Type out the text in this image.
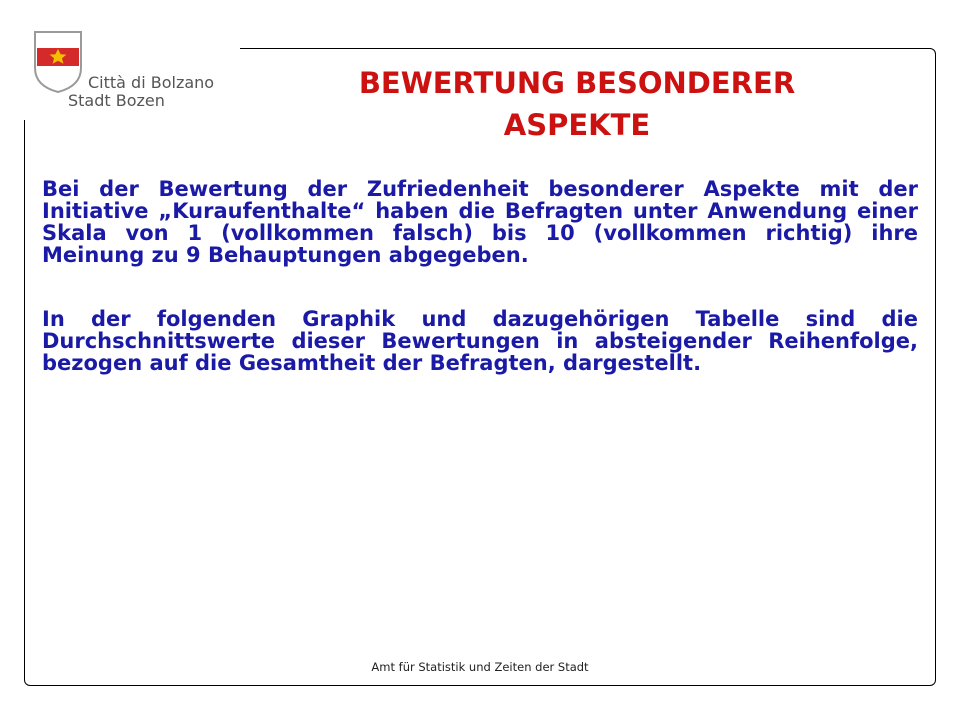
Città di Bolzano
Stadt Bozen
BEWERTUNG BESONDERER
ASPEKTE

Bei der Bewertung der Zufriedenheit besonderer Aspekte mit der Initiative „Kuraufenthalte“ haben die Befragten unter Anwendung einer Skala von 1 (vollkommen falsch) bis 10 (vollkommen richtig) ihre Meinung zu 9 Behauptungen abgegeben.

In der folgenden Graphik und dazugehörigen Tabelle sind die Durchschnittswerte dieser Bewertungen in absteigender Reihenfolge, bezogen auf die Gesamtheit der Befragten, dargestellt.

Amt für Statistik und Zeiten der Stadt
